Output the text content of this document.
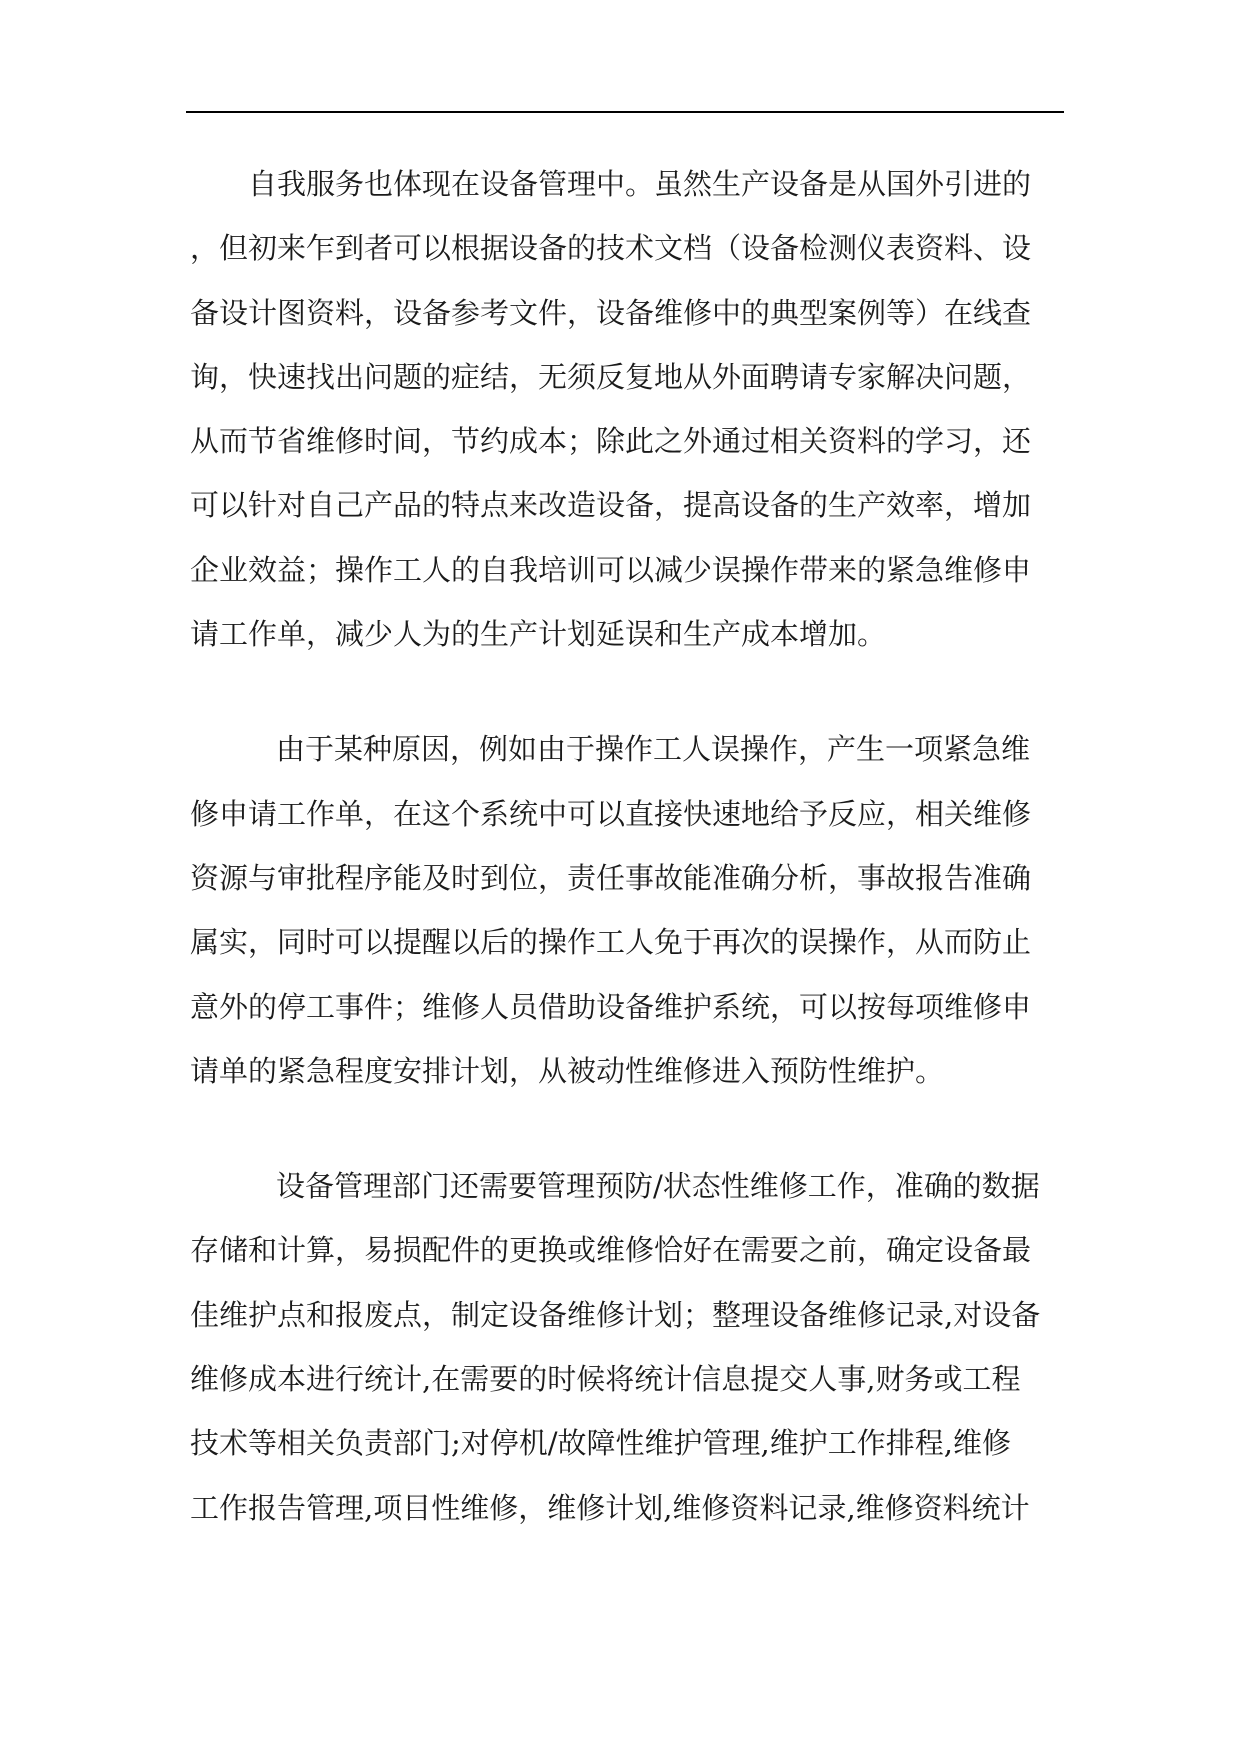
自我服务也体现在设备管理中。虽然生产设备是从国外引进的
，但初来乍到者可以根据设备的技术文档（设备检测仪表资料、设
备设计图资料，设备参考文件，设备维修中的典型案例等）在线查
询，快速找出问题的症结，无须反复地从外面聘请专家解决问题，
从而节省维修时间，节约成本；除此之外通过相关资料的学习，还
可以针对自己产品的特点来改造设备，提高设备的生产效率，增加
企业效益；操作工人的自我培训可以减少误操作带来的紧急维修申
请工作单，减少人为的生产计划延误和生产成本增加。
由于某种原因，例如由于操作工人误操作，产生一项紧急维
修申请工作单，在这个系统中可以直接快速地给予反应，相关维修
资源与审批程序能及时到位，责任事故能准确分析，事故报告准确
属实，同时可以提醒以后的操作工人免于再次的误操作，从而防止
意外的停工事件；维修人员借助设备维护系统，可以按每项维修申
请单的紧急程度安排计划，从被动性维修进入预防性维护。
设备管理部门还需要管理预防/状态性维修工作，准确的数据
存储和计算，易损配件的更换或维修恰好在需要之前，确定设备最
佳维护点和报废点，制定设备维修计划；整理设备维修记录,对设备
维修成本进行统计,在需要的时候将统计信息提交人事,财务或工程
技术等相关负责部门;对停机/故障性维护管理,维护工作排程,维修
工作报告管理,项目性维修，维修计划,维修资料记录,维修资料统计
